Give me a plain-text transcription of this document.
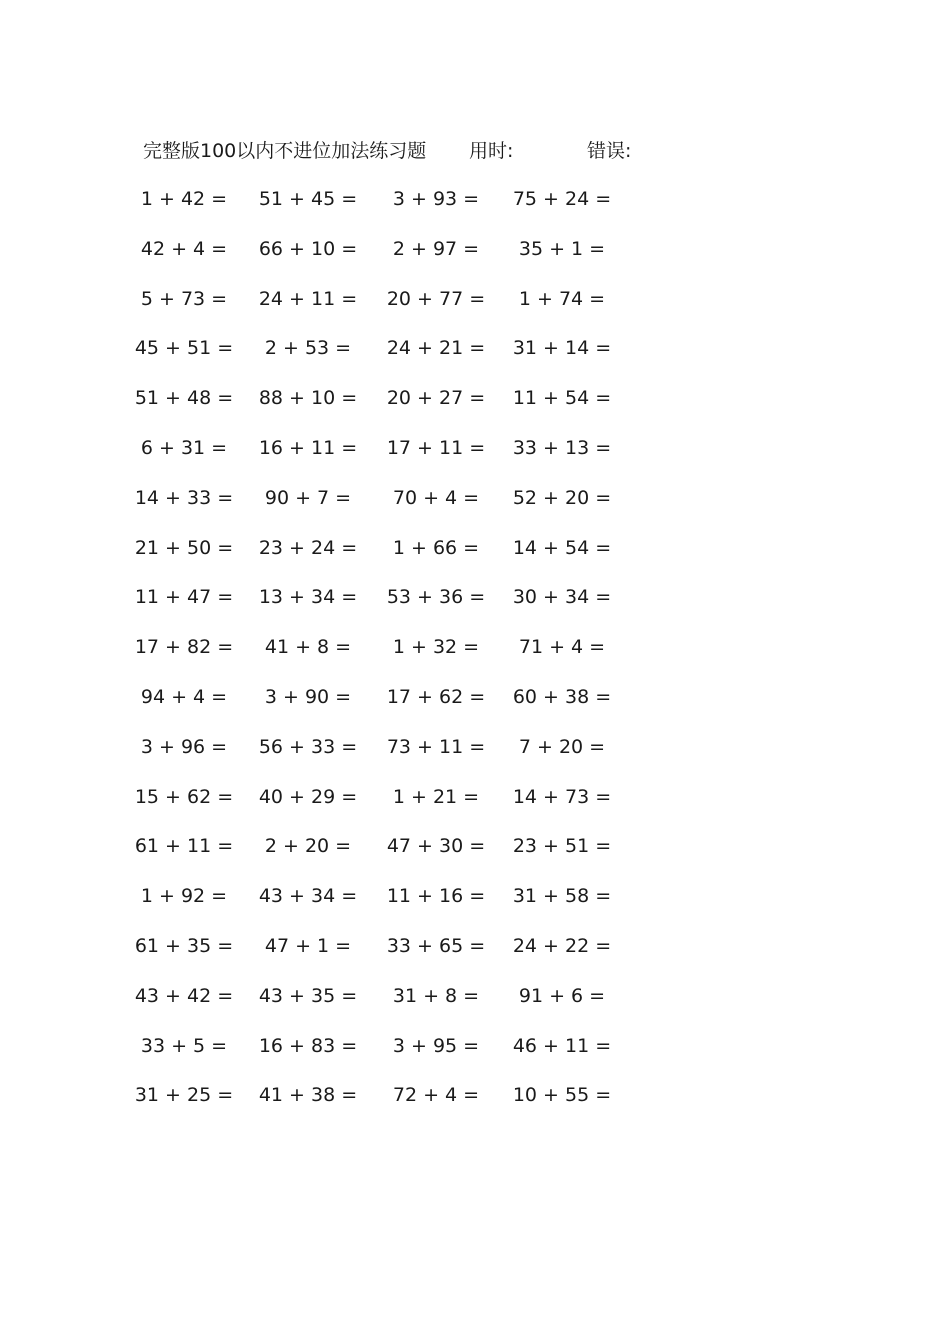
完整版100以内不进位加法练习题 用时:	错误:
1 + 42 = 51 + 45 = 3 + 93 = 75 + 24 =
42 + 4 = 66 + 10 = 2 + 97 = 35 + 1 =
5 + 73 = 24 + 11 = 20 + 77 = 1 + 74 =
45 + 51 = 2 + 53 = 24 + 21 = 31 + 14 =
51 + 48 = 88 + 10 = 20 + 27 = 11 + 54 =
6 + 31 = 16 + 11 = 17 + 11 = 33 + 13 =
14 + 33 = 90 + 7 = 70 + 4 = 52 + 20 =
21 + 50 = 23 + 24 = 1 + 66 = 14 + 54 =
11 + 47 = 13 + 34 = 53 + 36 = 30 + 34 =
17 + 82 = 41 + 8 = 1 + 32 = 71 + 4 =
94 + 4 = 3 + 90 = 17 + 62 = 60 + 38 =
3 + 96 = 56 + 33 = 73 + 11 = 7 + 20 =
15 + 62 = 40 + 29 = 1 + 21 = 14 + 73 =
61 + 11 = 2 + 20 = 47 + 30 = 23 + 51 =
1 + 92 = 43 + 34 = 11 + 16 = 31 + 58 =
61 + 35 = 47 + 1 = 33 + 65 = 24 + 22 =
43 + 42 = 43 + 35 = 31 + 8 = 91 + 6 =
33 + 5 = 16 + 83 = 3 + 95 = 46 + 11 =
31 + 25 = 41 + 38 = 72 + 4 = 10 + 55 =
